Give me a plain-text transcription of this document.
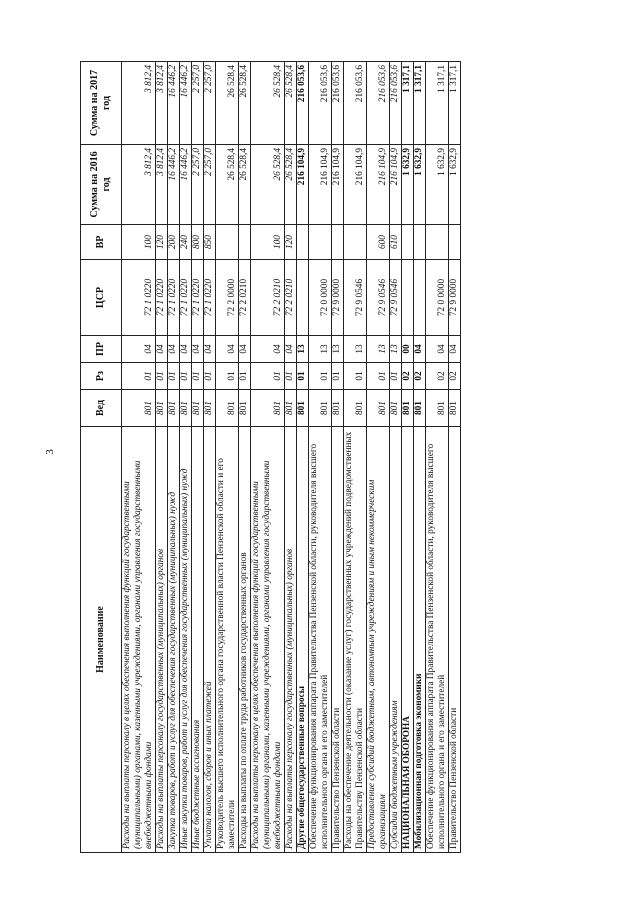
3
Наименование	Вед	Рз	ПР	ЦСР	ВР	Сумма на 2016 год	Сумма на 2017 год
Расходы на выплаты персоналу в целях обеспечения выполнения функций государственными (муниципальными) органами, казенными учреждениями, органами управления государственными внебюджетными фондами	801	01	04	72 1 0220	100	3 812,4	3 812,4
Расходы на выплаты персоналу государственных (муниципальных) органов	801	01	04	72 1 0220	120	3 812,4	3 812,4
Закупка товаров, работ и услуг для обеспечения государственных (муниципальных) нужд	801	01	04	72 1 0220	200	16 446,2	16 446,2
Иные закупки товаров, работ и услуг для обеспечения государственных (муниципальных) нужд	801	01	04	72 1 0220	240	16 446,2	16 446,2
Иные бюджетные ассигнования	801	01	04	72 1 0220	800	2 257,0	2 257,0
Уплата налогов, сборов и иных платежей	801	01	04	72 1 0220	850	2 257,0	2 257,0
Руководитель высшего исполнительного органа государственной власти Пензенской области и его заместители	801	01	04	72 2 0000		26 528,4	26 528,4
Расходы на выплаты по оплате труда работников государственных органов	801	01	04	72 2 0210		26 528,4	26 528,4
Расходы на выплаты персоналу в целях обеспечения выполнения функций государственными (муниципальными) органами, казенными учреждениями, органами управления государственными внебюджетными фондами	801	01	04	72 2 0210	100	26 528,4	26 528,4
Расходы на выплаты персоналу государственных (муниципальных) органов	801	01	04	72 2 0210	120	26 528,4	26 528,4
Другие общегосударственные вопросы	801	01	13			216 104,9	216 053,6
Обеспечение функционирования аппарата Правительства Пензенской области, руководителя высшего исполнительного органа и его заместителей	801	01	13	72 0 0000		216 104,9	216 053,6
Правительство Пензенской области	801	01	13	72 9 0000		216 104,9	216 053,6
Расходы на обеспечение деятельности (оказание услуг) государственных учреждений подведомственных Правительству Пензенской области	801	01	13	72 9 0546		216 104,9	216 053,6
Предоставление субсидий бюджетным, автономным учреждениям и иным некоммерческим организациям	801	01	13	72 9 0546	600	216 104,9	216 053,6
Субсидии бюджетным учреждениям	801	01	13	72 9 0546	610	216 104,9	216 053,6
НАЦИОНАЛЬНАЯ ОБОРОНА	801	02	00			1 632,9	1 317,1
Мобилизационная подготовка экономики	801	02	04			1 632,9	1 317,1
Обеспечение функционирования аппарата Правительства Пензенской области, руководителя высшего исполнительного органа и его заместителей	801	02	04	72 0 0000		1 632,9	1 317,1
Правительство Пензенской области	801	02	04	72 9 0000		1 632,9	1 317,1
